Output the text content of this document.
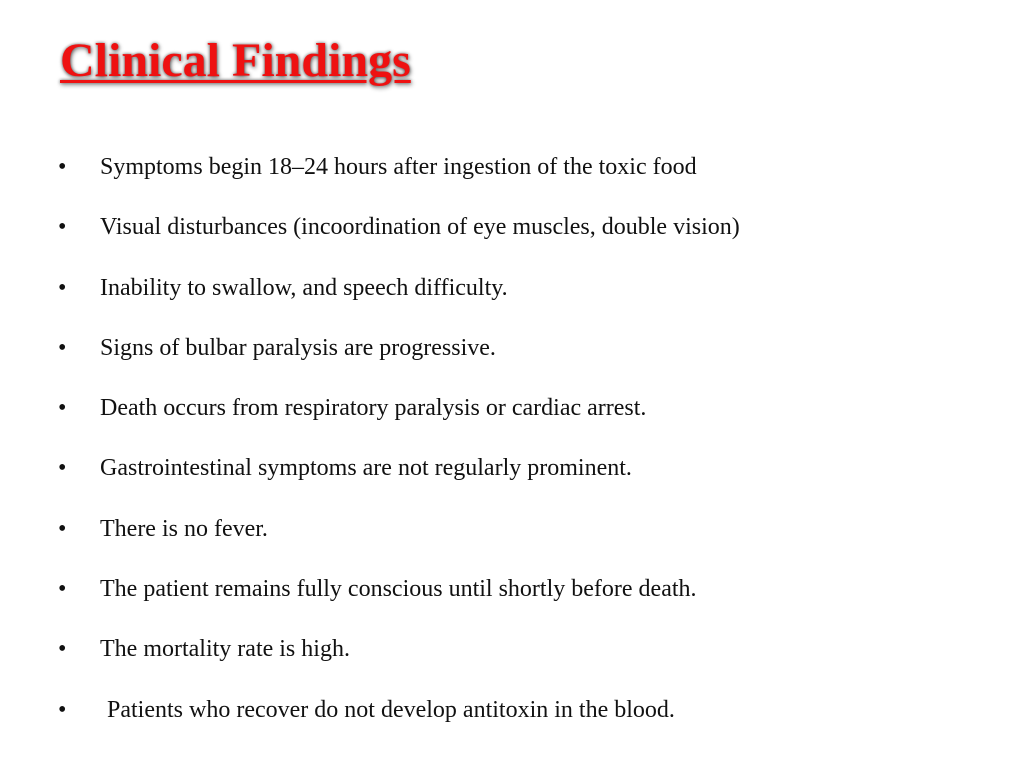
Clinical Findings
• Symptoms begin 18–24 hours after ingestion of the toxic food
• Visual disturbances (incoordination of eye muscles, double vision)
• Inability to swallow, and speech difficulty.
• Signs of bulbar paralysis are progressive.
• Death occurs from respiratory paralysis or cardiac arrest.
• Gastrointestinal symptoms are not regularly prominent.
• There is no fever.
• The patient remains fully conscious until shortly before death.
• The mortality rate is high.
• Patients who recover do not develop antitoxin in the blood.
